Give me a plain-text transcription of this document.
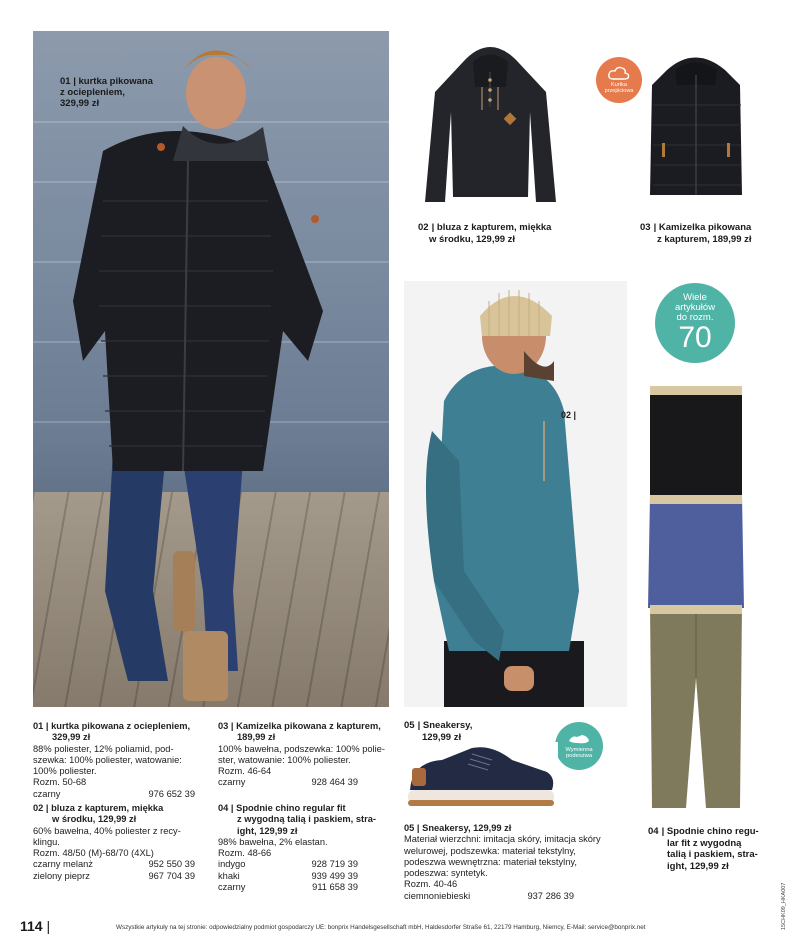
01 | kurtka pikowana
z ociepleniem,
329,99 zł
02 | bluza z kapturem, miękka
w środku, 129,99 zł
Kurtka
przejściowa
03 | Kamizelka pikowana
z kapturem, 189,99 zł
02 |
Wiele
artykułów
do rozm.
70
04 | Spodnie chino regu-
lar fit z wygodną
talią i paskiem, stra-
ight, 129,99 zł
05 | Sneakersy,
129,99 zł
Wymienna
podeszwa
01 | kurtka pikowana z ociepleniem,
329,99 zł
88% poliester, 12% poliamid, pod-
szewka: 100% poliester, watowanie:
100% poliester.
Rozm. 50-68
czarny	976 652 39
02 | bluza z kapturem, miękka
w środku, 129,99 zł
60% bawełna, 40% poliester z recy-
klingu.
Rozm. 48/50 (M)-68/70 (4XL)
czarny melanż	952 550 39
zielony pieprz	967 704 39
03 | Kamizelka pikowana z kapturem,
189,99 zł
100% bawełna, podszewka: 100% polie-
ster, watowanie: 100% poliester.
Rozm. 46-64
czarny	928 464 39
04 | Spodnie chino regular fit
z wygodną talią i paskiem, stra-
ight, 129,99 zł
98% bawełna, 2% elastan.
Rozm. 48-66
indygo	928 719 39
khaki	939 499 39
czarny	911 658 39
05 | Sneakersy, 129,99 zł
Materiał wierzchni: imitacja skóry, imitacja skóry
welurowej, podszewka: materiał tekstylny,
podeszwa wewnętrzna: materiał tekstylny,
podeszwa: syntetyk.
Rozm. 40-46
ciemnoniebieski	937 286 39
114 |	Wszystkie artykuły na tej stronie: odpowiedzialny podmiot gospodarczy UE: bonprix Handelsgesellschaft mbH, Haldesdorfer Straße 61, 22179 Hamburg, Niemcy, E-Mail: service@bonprix.net	15CHK09_HKA007
